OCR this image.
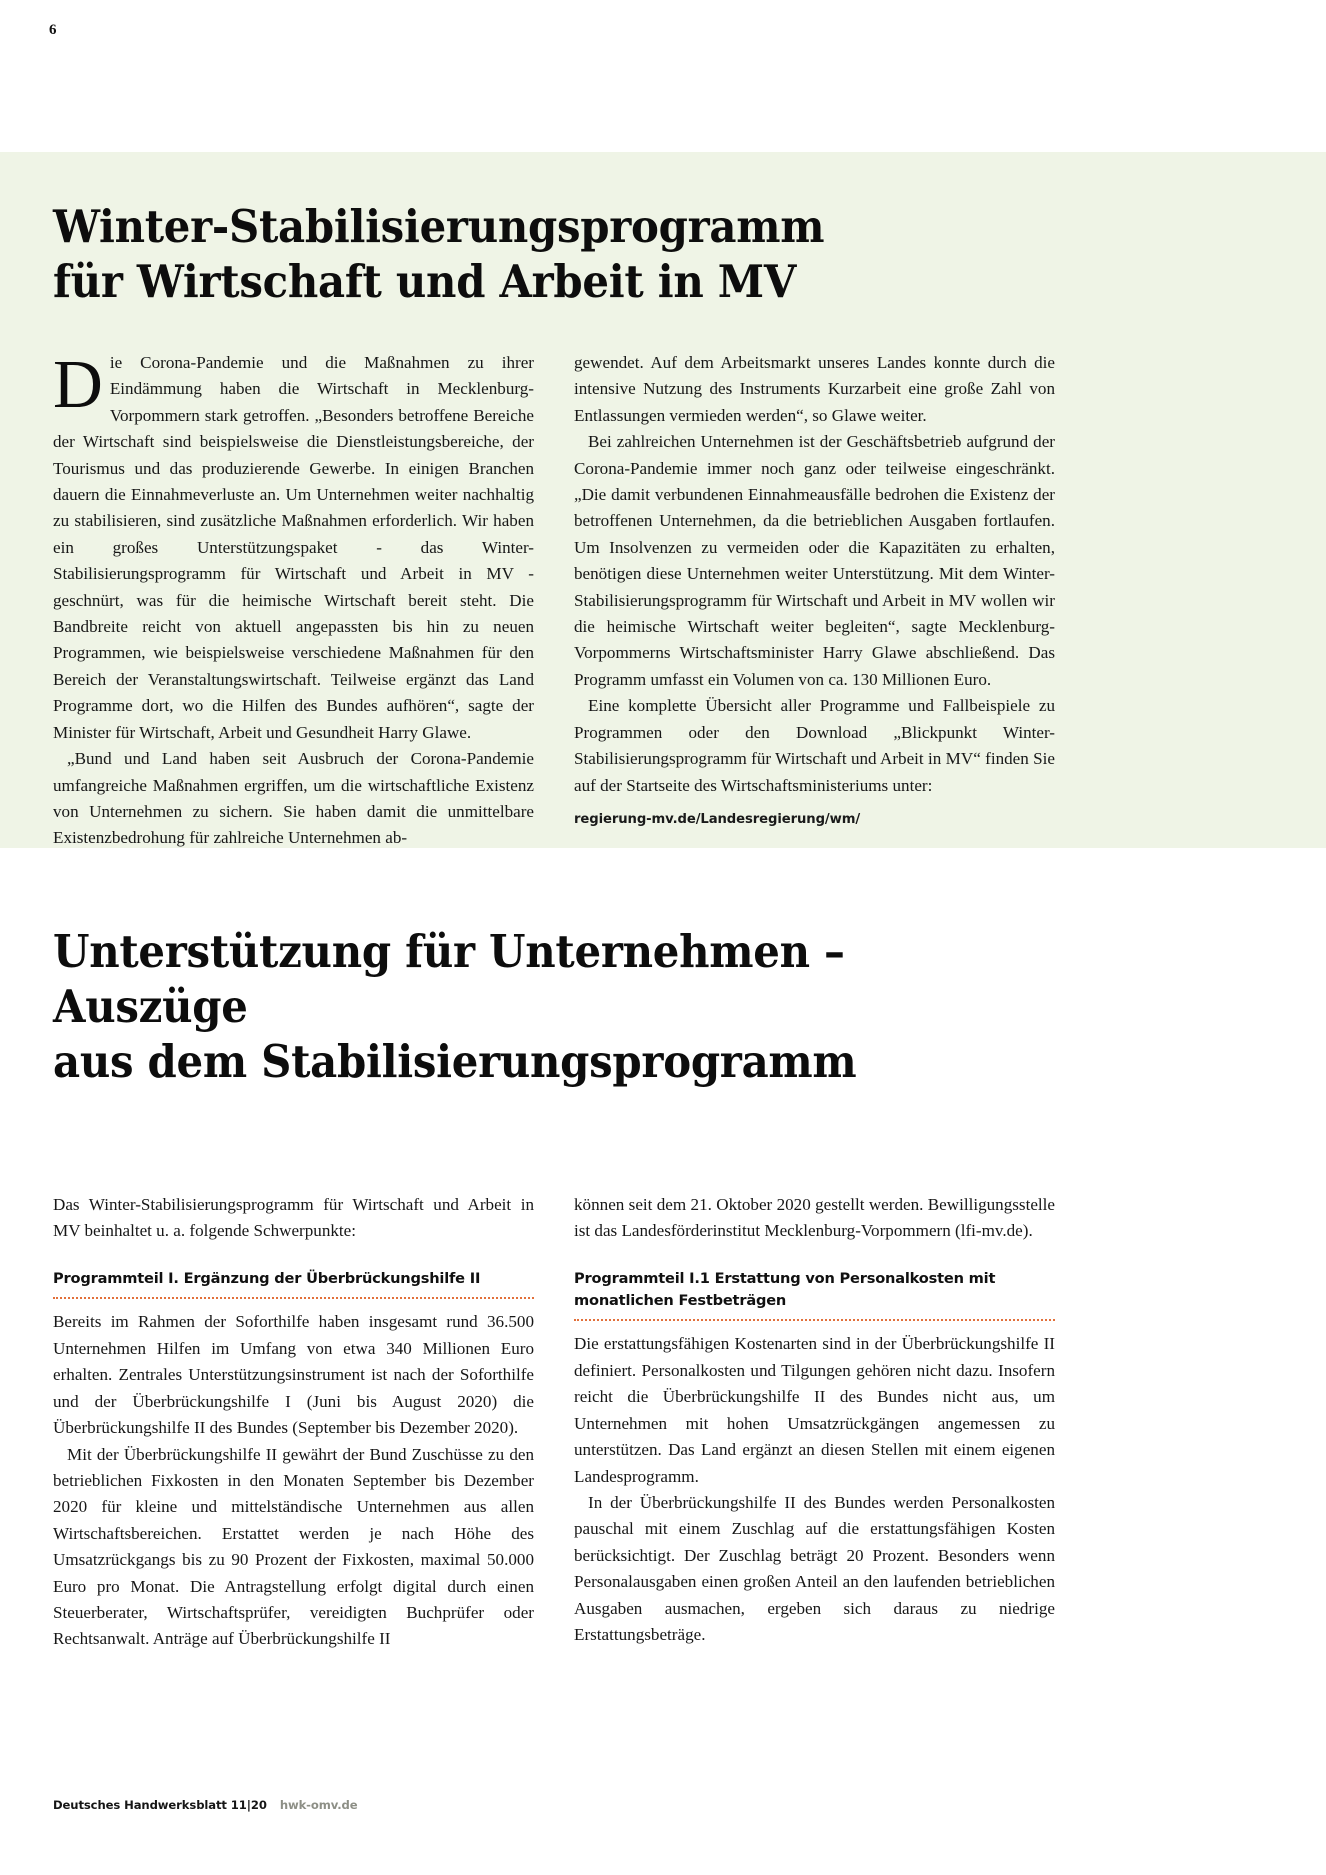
6
Winter-Stabilisierungsprogramm
für Wirtschaft und Arbeit in MV

Die Corona-Pandemie und die Maßnahmen zu ihrer Eindämmung haben die Wirtschaft in Mecklenburg-Vorpommern stark getroffen. „Besonders betroffene Bereiche der Wirtschaft sind beispielsweise die Dienstleistungsbereiche, der Tourismus und das produzierende Gewerbe. In einigen Branchen dauern die Einnahmeverluste an. Um Unternehmen weiter nachhaltig zu stabilisieren, sind zusätzliche Maßnahmen erforderlich. Wir haben ein großes Unterstützungspaket - das Winter-Stabilisierungsprogramm für Wirtschaft und Arbeit in MV - geschnürt, was für die heimische Wirtschaft bereit steht. Die Bandbreite reicht von aktuell angepassten bis hin zu neuen Programmen, wie beispielsweise verschiedene Maßnahmen für den Bereich der Veranstaltungswirtschaft. Teilweise ergänzt das Land Programme dort, wo die Hilfen des Bundes aufhören“, sagte der Minister für Wirtschaft, Arbeit und Gesundheit Harry Glawe.

„Bund und Land haben seit Ausbruch der Corona-Pandemie umfangreiche Maßnahmen ergriffen, um die wirtschaftliche Existenz von Unternehmen zu sichern. Sie haben damit die unmittelbare Existenzbedrohung für zahlreiche Unternehmen ab-

gewendet. Auf dem Arbeitsmarkt unseres Landes konnte durch die intensive Nutzung des Instruments Kurzarbeit eine große Zahl von Entlassungen vermieden werden“, so Glawe weiter.

Bei zahlreichen Unternehmen ist der Geschäftsbetrieb aufgrund der Corona-Pandemie immer noch ganz oder teilweise eingeschränkt. „Die damit verbundenen Einnahmeausfälle bedrohen die Existenz der betroffenen Unternehmen, da die betrieblichen Ausgaben fortlaufen. Um Insolvenzen zu vermeiden oder die Kapazitäten zu erhalten, benötigen diese Unternehmen weiter Unterstützung. Mit dem Winter-Stabilisierungsprogramm für Wirtschaft und Arbeit in MV wollen wir die heimische Wirtschaft weiter begleiten“, sagte Mecklenburg-Vorpommerns Wirtschaftsminister Harry Glawe abschließend. Das Programm umfasst ein Volumen von ca. 130 Millionen Euro.

Eine komplette Übersicht aller Programme und Fallbeispiele zu Programmen oder den Download „Blickpunkt Winter-Stabilisierungsprogramm für Wirtschaft und Arbeit in MV“ finden Sie auf der Startseite des Wirtschaftsministeriums unter:

regierung-mv.de/Landesregierung/wm/

Unterstützung für Unternehmen – Auszüge
aus dem Stabilisierungsprogramm

Das Winter-Stabilisierungsprogramm für Wirtschaft und Arbeit in MV beinhaltet u. a. folgende Schwerpunkte:

Programmteil I. Ergänzung der Überbrückungshilfe II

Bereits im Rahmen der Soforthilfe haben insgesamt rund 36.500 Unternehmen Hilfen im Umfang von etwa 340 Millionen Euro erhalten. Zentrales Unterstützungsinstrument ist nach der Soforthilfe und der Überbrückungshilfe I (Juni bis August 2020) die Überbrückungshilfe II des Bundes (September bis Dezember 2020).

Mit der Überbrückungshilfe II gewährt der Bund Zuschüsse zu den betrieblichen Fixkosten in den Monaten September bis Dezember 2020 für kleine und mittelständische Unternehmen aus allen Wirtschaftsbereichen. Erstattet werden je nach Höhe des Umsatzrückgangs bis zu 90 Prozent der Fixkosten, maximal 50.000 Euro pro Monat. Die Antragstellung erfolgt digital durch einen Steuerberater, Wirtschaftsprüfer, vereidigten Buchprüfer oder Rechtsanwalt. Anträge auf Überbrückungshilfe II

können seit dem 21. Oktober 2020 gestellt werden. Bewilligungsstelle ist das Landesförderinstitut Mecklenburg-Vorpommern (lfi-mv.de).

Programmteil I.1 Erstattung von Personalkosten mit
monatlichen Festbeträgen

Die erstattungsfähigen Kostenarten sind in der Überbrückungshilfe II definiert. Personalkosten und Tilgungen gehören nicht dazu. Insofern reicht die Überbrückungshilfe II des Bundes nicht aus, um Unternehmen mit hohen Umsatzrückgängen angemessen zu unterstützen. Das Land ergänzt an diesen Stellen mit einem eigenen Landesprogramm.

In der Überbrückungshilfe II des Bundes werden Personalkosten pauschal mit einem Zuschlag auf die erstattungsfähigen Kosten berücksichtigt. Der Zuschlag beträgt 20 Prozent. Besonders wenn Personalausgaben einen großen Anteil an den laufenden betrieblichen Ausgaben ausmachen, ergeben sich daraus zu niedrige Erstattungsbeträge.

Deutsches Handwerksblatt 11|20 hwk-omv.de
